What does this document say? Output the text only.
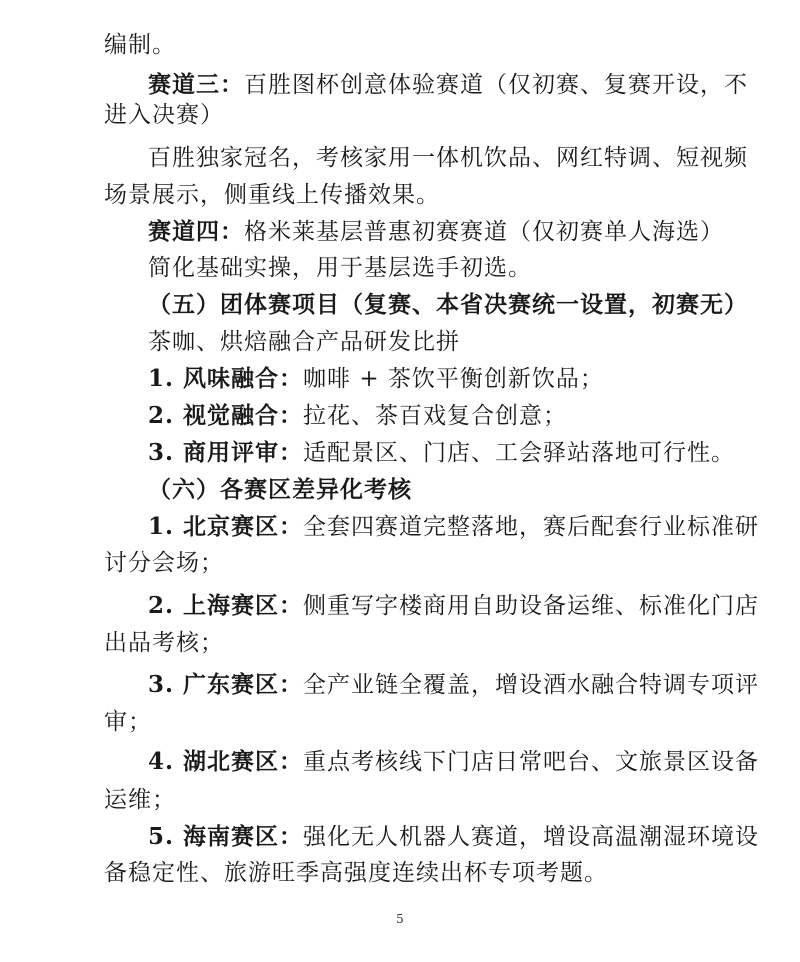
编制。
赛道三：百胜图杯创意体验赛道（仅初赛、复赛开设，不
进入决赛）
百胜独家冠名，考核家用一体机饮品、网红特调、短视频
场景展示，侧重线上传播效果。
赛道四：格米莱基层普惠初赛赛道（仅初赛单人海选）
简化基础实操，用于基层选手初选。
（五）团体赛项目（复赛、本省决赛统一设置，初赛无）
茶咖、烘焙融合产品研发比拼
1. 风味融合：咖啡 + 茶饮平衡创新饮品；
2. 视觉融合：拉花、茶百戏复合创意；
3. 商用评审：适配景区、门店、工会驿站落地可行性。
（六）各赛区差异化考核
1. 北京赛区：全套四赛道完整落地，赛后配套行业标准研
讨分会场；
2. 上海赛区：侧重写字楼商用自助设备运维、标准化门店
出品考核；
3. 广东赛区：全产业链全覆盖，增设酒水融合特调专项评
审；
4. 湖北赛区：重点考核线下门店日常吧台、文旅景区设备
运维；
5. 海南赛区：强化无人机器人赛道，增设高温潮湿环境设
备稳定性、旅游旺季高强度连续出杯专项考题。
5
